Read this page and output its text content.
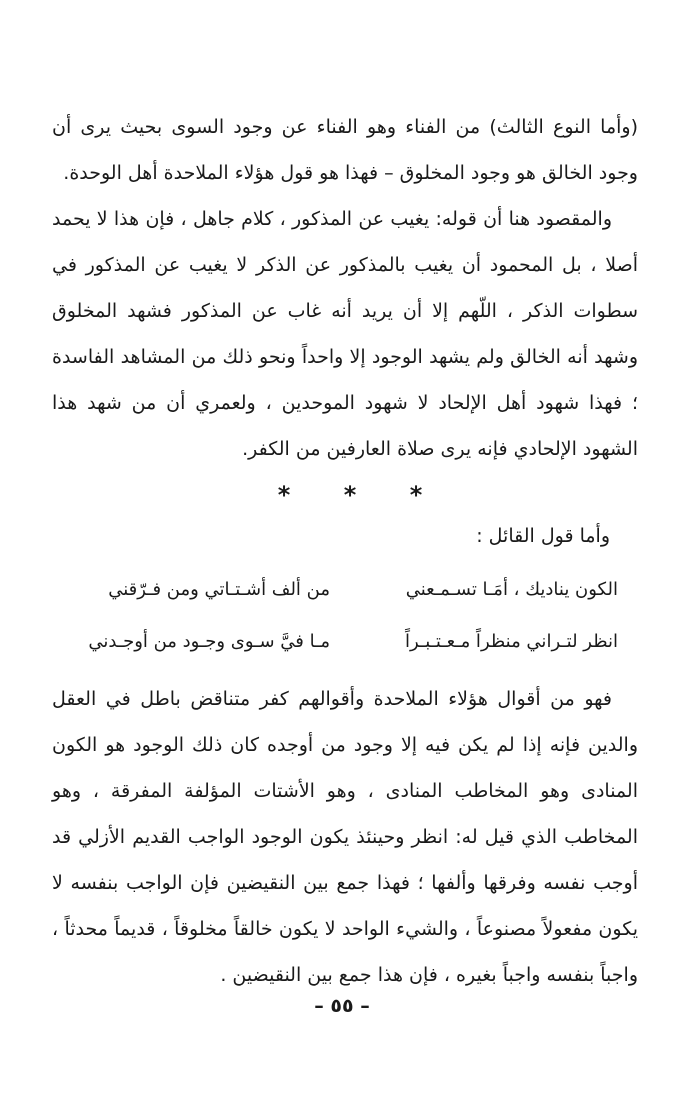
(وأما النوع الثالث) من الفناء وهو الفناء عن وجود السوى بحيث يرى أن وجود الخالق هو وجود المخلوق – فهذا هو قول هؤلاء الملاحدة أهل الوحدة.

والمقصود هنا أن قوله: يغيب عن المذكور ، كلام جاهل ، فإن هذا لا يحمد أصلا ، بل المحمود أن يغيب بالمذكور عن الذكر لا يغيب عن المذكور في سطوات الذكر ، اللّهم إلا أن يريد أنه غاب عن المذكور فشهد المخلوق وشهد أنه الخالق ولم يشهد الوجود إلا واحداً ونحو ذلك من المشاهد الفاسدة ؛ فهذا شهود أهل الإلحاد لا شهود الموحدين ، ولعمري أن من شهد هذا الشهود الإلحادي فإنه يرى صلاة العارفين من الكفر.

* * *

وأما قول القائل :

الكون يناديك ، أمَـا تسـمـعني
من ألف أشـتـاتي ومن فـرّقني
انظر لتـراني منظراً مـعـتـبـراً
مـا فيَّ سـوى وجـود من أوجـدني

فهو من أقوال هؤلاء الملاحدة وأقوالهم كفر متناقض باطل في العقل والدين فإنه إذا لم يكن فيه إلا وجود من أوجده كان ذلك الوجود هو الكون المنادى وهو المخاطب المنادى ، وهو الأشتات المؤلفة المفرقة ، وهو المخاطب الذي قيل له: انظر وحينئذ يكون الوجود الواجب القديم الأزلي قد أوجب نفسه وفرقها وألفها ؛ فهذا جمع بين النقيضين فإن الواجب بنفسه لا يكون مفعولاً مصنوعاً ، والشيء الواحد لا يكون خالقاً مخلوقاً ، قديماً محدثاً ، واجباً بنفسه واجباً بغيره ، فإن هذا جمع بين النقيضين .

– ٥٥ –
